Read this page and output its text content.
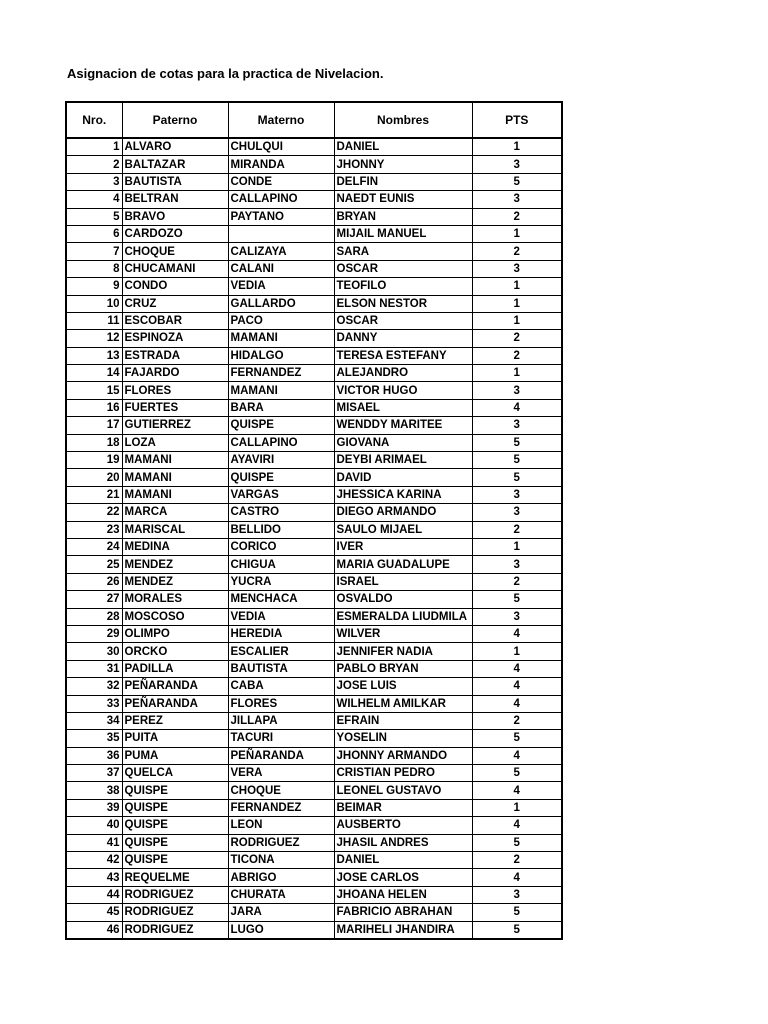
Asignacion de cotas para la practica de Nivelacion.
Nro.	Paterno	Materno	Nombres	PTS
1	ALVARO	CHULQUI	DANIEL	1
2	BALTAZAR	MIRANDA	JHONNY	3
3	BAUTISTA	CONDE	DELFIN	5
4	BELTRAN	CALLAPINO	NAEDT EUNIS	3
5	BRAVO	PAYTANO	BRYAN	2
6	CARDOZO		MIJAIL MANUEL	1
7	CHOQUE	CALIZAYA	SARA	2
8	CHUCAMANI	CALANI	OSCAR	3
9	CONDO	VEDIA	TEOFILO	1
10	CRUZ	GALLARDO	ELSON NESTOR	1
11	ESCOBAR	PACO	OSCAR	1
12	ESPINOZA	MAMANI	DANNY	2
13	ESTRADA	HIDALGO	TERESA ESTEFANY	2
14	FAJARDO	FERNANDEZ	ALEJANDRO	1
15	FLORES	MAMANI	VICTOR HUGO	3
16	FUERTES	BARA	MISAEL	4
17	GUTIERREZ	QUISPE	WENDDY MARITEE	3
18	LOZA	CALLAPINO	GIOVANA	5
19	MAMANI	AYAVIRI	DEYBI ARIMAEL	5
20	MAMANI	QUISPE	DAVID	5
21	MAMANI	VARGAS	JHESSICA KARINA	3
22	MARCA	CASTRO	DIEGO ARMANDO	3
23	MARISCAL	BELLIDO	SAULO MIJAEL	2
24	MEDINA	CORICO	IVER	1
25	MENDEZ	CHIGUA	MARIA GUADALUPE	3
26	MENDEZ	YUCRA	ISRAEL	2
27	MORALES	MENCHACA	OSVALDO	5
28	MOSCOSO	VEDIA	ESMERALDA LIUDMILA	3
29	OLIMPO	HEREDIA	WILVER	4
30	ORCKO	ESCALIER	JENNIFER NADIA	1
31	PADILLA	BAUTISTA	PABLO BRYAN	4
32	PEÑARANDA	CABA	JOSE LUIS	4
33	PEÑARANDA	FLORES	WILHELM AMILKAR	4
34	PEREZ	JILLAPA	EFRAIN	2
35	PUITA	TACURI	YOSELIN	5
36	PUMA	PEÑARANDA	JHONNY ARMANDO	4
37	QUELCA	VERA	CRISTIAN PEDRO	5
38	QUISPE	CHOQUE	LEONEL GUSTAVO	4
39	QUISPE	FERNANDEZ	BEIMAR	1
40	QUISPE	LEON	AUSBERTO	4
41	QUISPE	RODRIGUEZ	JHASIL ANDRES	5
42	QUISPE	TICONA	DANIEL	2
43	REQUELME	ABRIGO	JOSE CARLOS	4
44	RODRIGUEZ	CHURATA	JHOANA HELEN	3
45	RODRIGUEZ	JARA	FABRICIO ABRAHAN	5
46	RODRIGUEZ	LUGO	MARIHELI JHANDIRA	5
